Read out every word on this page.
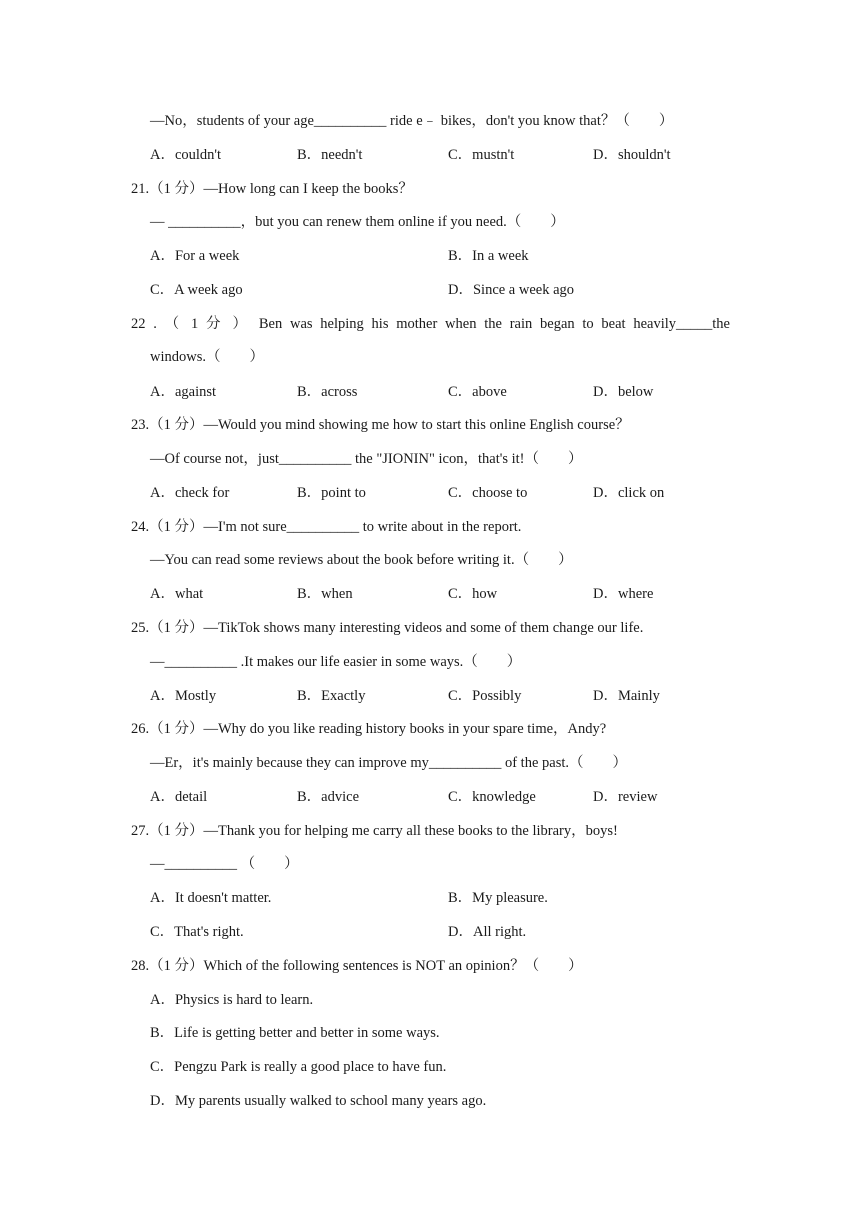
—No，students of your age__________ ride e﹣ bikes，don't you know that？（　　）
A．couldn't	B．needn't	C．mustn't	D．shouldn't
21.（1 分）—How long can I keep the books？
— __________，but you can renew them online if you need.（　　）
A．For a week	B．In a week
C．A week ago	D．Since a week ago
22 . （ 1 分 ） Ben was helping his mother when the rain began to beat heavily_____the
windows.（　　）
A．against	B．across	C．above	D．below
23.（1 分）—Would you mind showing me how to start this online English course？
—Of course not，just__________ the "JIONIN" icon，that's it!（　　）
A．check for	B．point to	C．choose to	D．click on
24.（1 分）—I'm not sure__________ to write about in the report.
—You can read some reviews about the book before writing it.（　　）
A．what	B．when	C．how	D．where
25.（1 分）—TikTok shows many interesting videos and some of them change our life.
—__________ .It makes our life easier in some ways.（　　）
A．Mostly	B．Exactly	C．Possibly	D．Mainly
26.（1 分）—Why do you like reading history books in your spare time，Andy?
—Er，it's mainly because they can improve my__________ of the past.（　　）
A．detail	B．advice	C．knowledge	D．review
27.（1 分）—Thank you for helping me carry all these books to the library，boys!
—__________ （　　）
A．It doesn't matter.	B．My pleasure.
C．That's right.	D．All right.
28.（1 分）Which of the following sentences is NOT an opinion？（　　）
A．Physics is hard to learn.
B．Life is getting better and better in some ways.
C．Pengzu Park is really a good place to have fun.
D．My parents usually walked to school many years ago.
